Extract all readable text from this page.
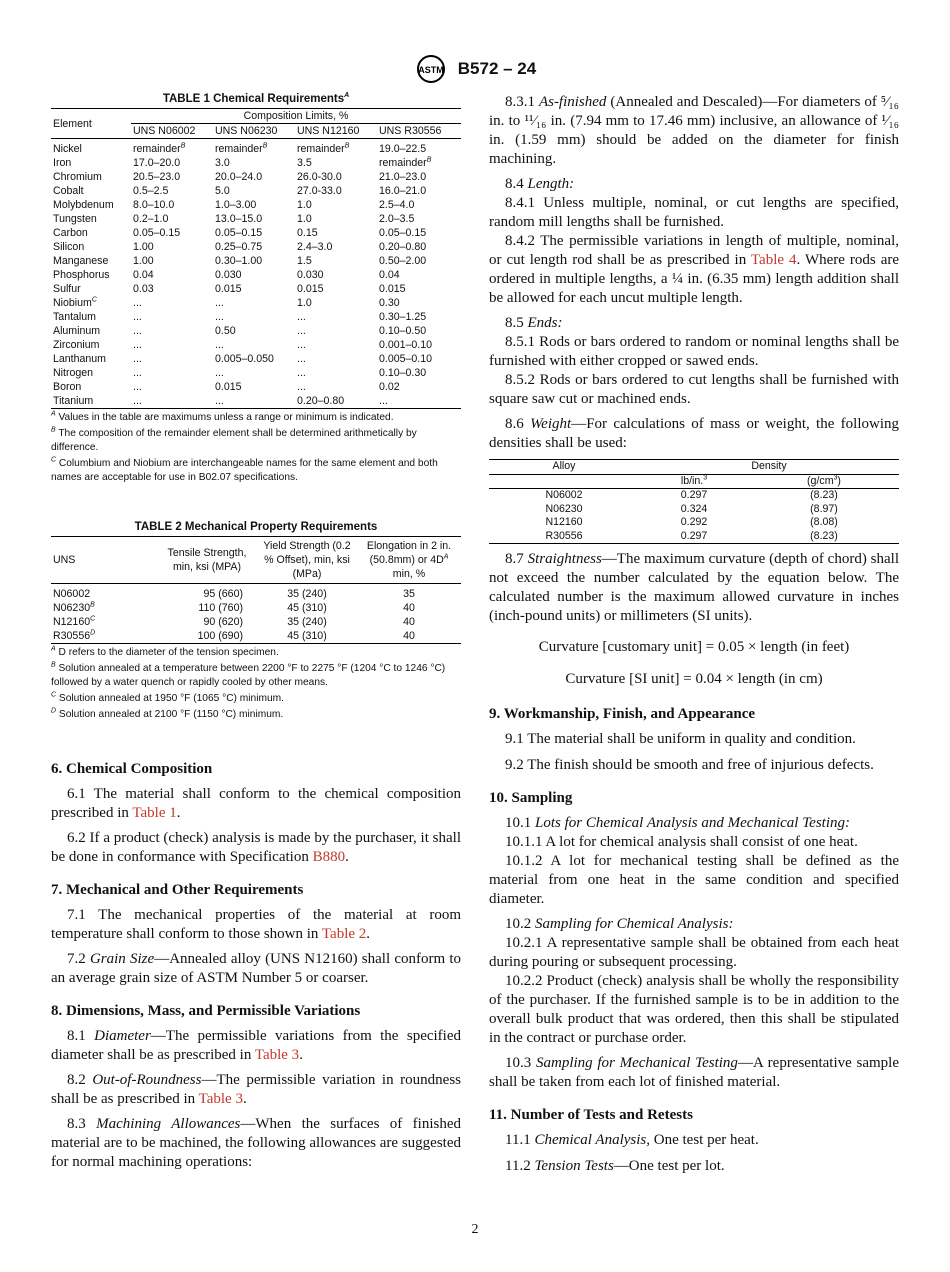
ASTM B572 – 24
TABLE 1 Chemical Requirements$^A$
Element	Composition Limits, %			
	UNS N06002	UNS N06230	UNS N12160	UNS R30556
Nickel	remainder$^B$	remainder$^B$	remainder$^B$	19.0–22.5
Iron	17.0–20.0	3.0	3.5	remainder$^B$
Chromium	20.5–23.0	20.0–24.0	26.0-30.0	21.0–23.0
Cobalt	0.5–2.5	5.0	27.0-33.0	16.0–21.0
Molybdenum	8.0–10.0	1.0–3.00	1.0	2.5–4.0
Tungsten	0.2–1.0	13.0–15.0	1.0	2.0–3.5
Carbon	0.05–0.15	0.05–0.15	0.15	0.05–0.15
Silicon	1.00	0.25–0.75	2.4–3.0	0.20–0.80
Manganese	1.00	0.30–1.00	1.5	0.50–2.00
Phosphorus	0.04	0.030	0.030	0.04
Sulfur	0.03	0.015	0.015	0.015
Niobium$^C$	...	...	1.0	0.30
Tantalum	...	...	...	0.30–1.25
Aluminum	...	0.50	...	0.10–0.50
Zirconium	...	...	...	0.001–0.10
Lanthanum	...	0.005–0.050	...	0.005–0.10
Nitrogen	...	...	...	0.10–0.30
Boron	...	0.015	...	0.02
Titanium	...	...	0.20–0.80	...
$^A$ Values in the table are maximums unless a range or minimum is indicated.
$^B$ The composition of the remainder element shall be determined arithmetically by difference.
$^C$ Columbium and Niobium are interchangeable names for the same element and both names are acceptable for use in B02.07 specifications.
TABLE 2 Mechanical Property Requirements
UNS	Tensile Strength, min, ksi (MPA)	Yield Strength (0.2 % Offset), min, ksi (MPa)	Elongation in 2 in. (50.8mm) or $4D^A$
min, %
N06002	95 (660)	35 (240)	35
$N06230^B$	110 (760)	45 (310)	40
$N12160^C$	90 (620)	35 (240)	40
$R30556^D$	100 (690)	45 (310)	40
$^A$ D refers to the diameter of the tension specimen.
$^B$ Solution annealed at a temperature between 2200 °F to 2275 °F (1204 °C to 1246 °C) followed by a water quench or rapidly cooled by other means.
$^C$ Solution annealed at 1950 °F (1065 °C) minimum.
$^D$ Solution annealed at 2100 °F (1150 °C) minimum.
6. Chemical Composition

6.1 The material shall conform to the chemical composition prescribed in Table 1.

6.2 If a product (check) analysis is made by the purchaser, it shall be done in conformance with Specification B880.

7. Mechanical and Other Requirements

7.1 The mechanical properties of the material at room temperature shall conform to those shown in Table 2.

7.2 Grain Size—Annealed alloy (UNS N12160) shall conform to an average grain size of ASTM Number 5 or coarser.

8. Dimensions, Mass, and Permissible Variations

8.1 Diameter—The permissible variations from the specified diameter shall be as prescribed in Table 3.

8.2 Out-of-Roundness—The permissible variation in roundness shall be as prescribed in Table 3.

8.3 Machining Allowances—When the surfaces of finished material are to be machined, the following allowances are suggested for normal machining operations:

8.3.1 As-finished (Annealed and Descaled)—For diameters of ⁵⁄₁₆ in. to ¹¹⁄₁₆ in. (7.94 mm to 17.46 mm) inclusive, an allowance of ¹⁄₁₆ in. (1.59 mm) should be added on the diameter for finish machining.

8.4 Length:

8.4.1 Unless multiple, nominal, or cut lengths are specified, random mill lengths shall be furnished.

8.4.2 The permissible variations in length of multiple, nominal, or cut length rod shall be as prescribed in Table 4. Where rods are ordered in multiple lengths, a ¼ in. (6.35 mm) length addition shall be allowed for each uncut multiple length.

8.5 Ends:

8.5.1 Rods or bars ordered to random or nominal lengths shall be furnished with either cropped or sawed ends.

8.5.2 Rods or bars ordered to cut lengths shall be furnished with square saw cut or machined ends.

8.6 Weight—For calculations of mass or weight, the following densities shall be used:

Alloy	Density	
	lb/in.$^3$	$(g/cm^3)$
N06002	0.297	(8.23)
N06230	0.324	(8.97)
N12160	0.292	(8.08)
R30556	0.297	(8.23)

8.7 Straightness—The maximum curvature (depth of chord) shall not exceed the number calculated by the equation below. The calculated number is the maximum allowed curvature in inches (inch-pound units) or millimeters (SI units).

Curvature [customary unit] = 0.05 × length (in feet)
Curvature [SI unit] = 0.04 × length (in cm)
9. Workmanship, Finish, and Appearance

9.1 The material shall be uniform in quality and condition.

9.2 The finish should be smooth and free of injurious defects.

10. Sampling

10.1 Lots for Chemical Analysis and Mechanical Testing:

10.1.1 A lot for chemical analysis shall consist of one heat.

10.1.2 A lot for mechanical testing shall be defined as the material from one heat in the same condition and specified diameter.

10.2 Sampling for Chemical Analysis:

10.2.1 A representative sample shall be obtained from each heat during pouring or subsequent processing.

10.2.2 Product (check) analysis shall be wholly the responsibility of the purchaser. If the furnished sample is to be in addition to the overall bulk product that was ordered, then this shall be stipulated in the contract or purchase order.

10.3 Sampling for Mechanical Testing—A representative sample shall be taken from each lot of finished material.

11. Number of Tests and Retests

11.1 Chemical Analysis, One test per heat.

11.2 Tension Tests—One test per lot.

2
